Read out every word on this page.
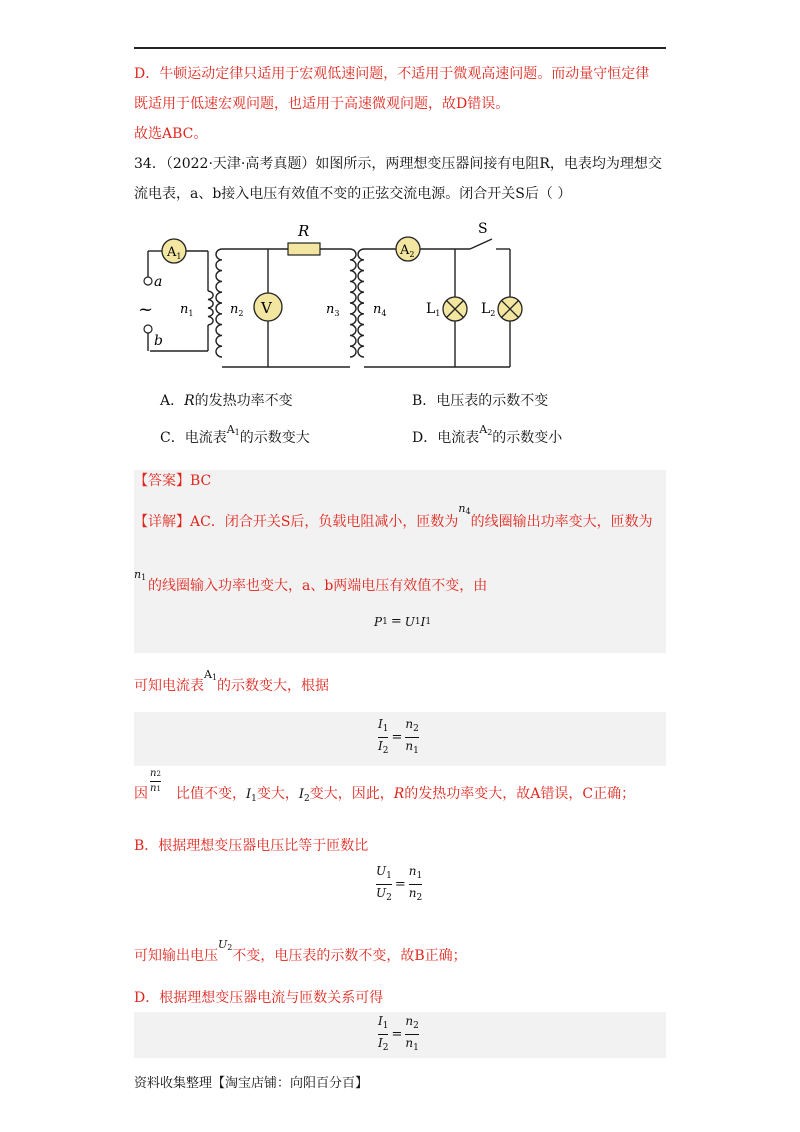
D．牛顿运动定律只适用于宏观低速问题，不适用于微观高速问题。而动量守恒定律
既适用于低速宏观问题，也适用于高速微观问题，故D错误。
故选ABC。
34．（2022·天津·高考真题）如图所示，两理想变压器间接有电阻R，电表均为理想交
流电表，a、b接入电压有效值不变的正弦交流电源。闭合开关S后（ ）
$A_1$
V
$A_2$
R	S
a
b
~ $n_1$	$n_2$	$n_3$	$n_4$	$L_1$	$L_2$
A．R的发热功率不变	B．电压表的示数不变
C．电流表$^{A1}$的示数变大	D．电流表$^{A2}$的示数变小
【答案】BC
【详解】AC．闭合开关S后，负载电阻减小，匝数为$^{n4}$的线圈输出功率变大，匝数为
n1
的线圈输入功率也变大，a、b两端电压有效值不变，由
P 1 = U 1 I 1
可知电流表$^{A1}$的示数变大，根据
$\frac{I_1}{I_2} = \frac{n_2}{n_1}$
n2
n1
因 比值不变，$I_1$变大，$I_2$变大，因此，R的发热功率变大，故A错误，C正确；
B．根据理想变压器电压比等于匝数比
$\frac{U_1}{U_2} = \frac{n_1}{n_2}$
可知输出电压$^{U2}$不变，电压表的示数不变，故B正确；
D．根据理想变压器电流与匝数关系可得
$\frac{I_1}{I_2} = \frac{n_2}{n_1}$
资料收集整理【淘宝店铺：向阳百分百】
